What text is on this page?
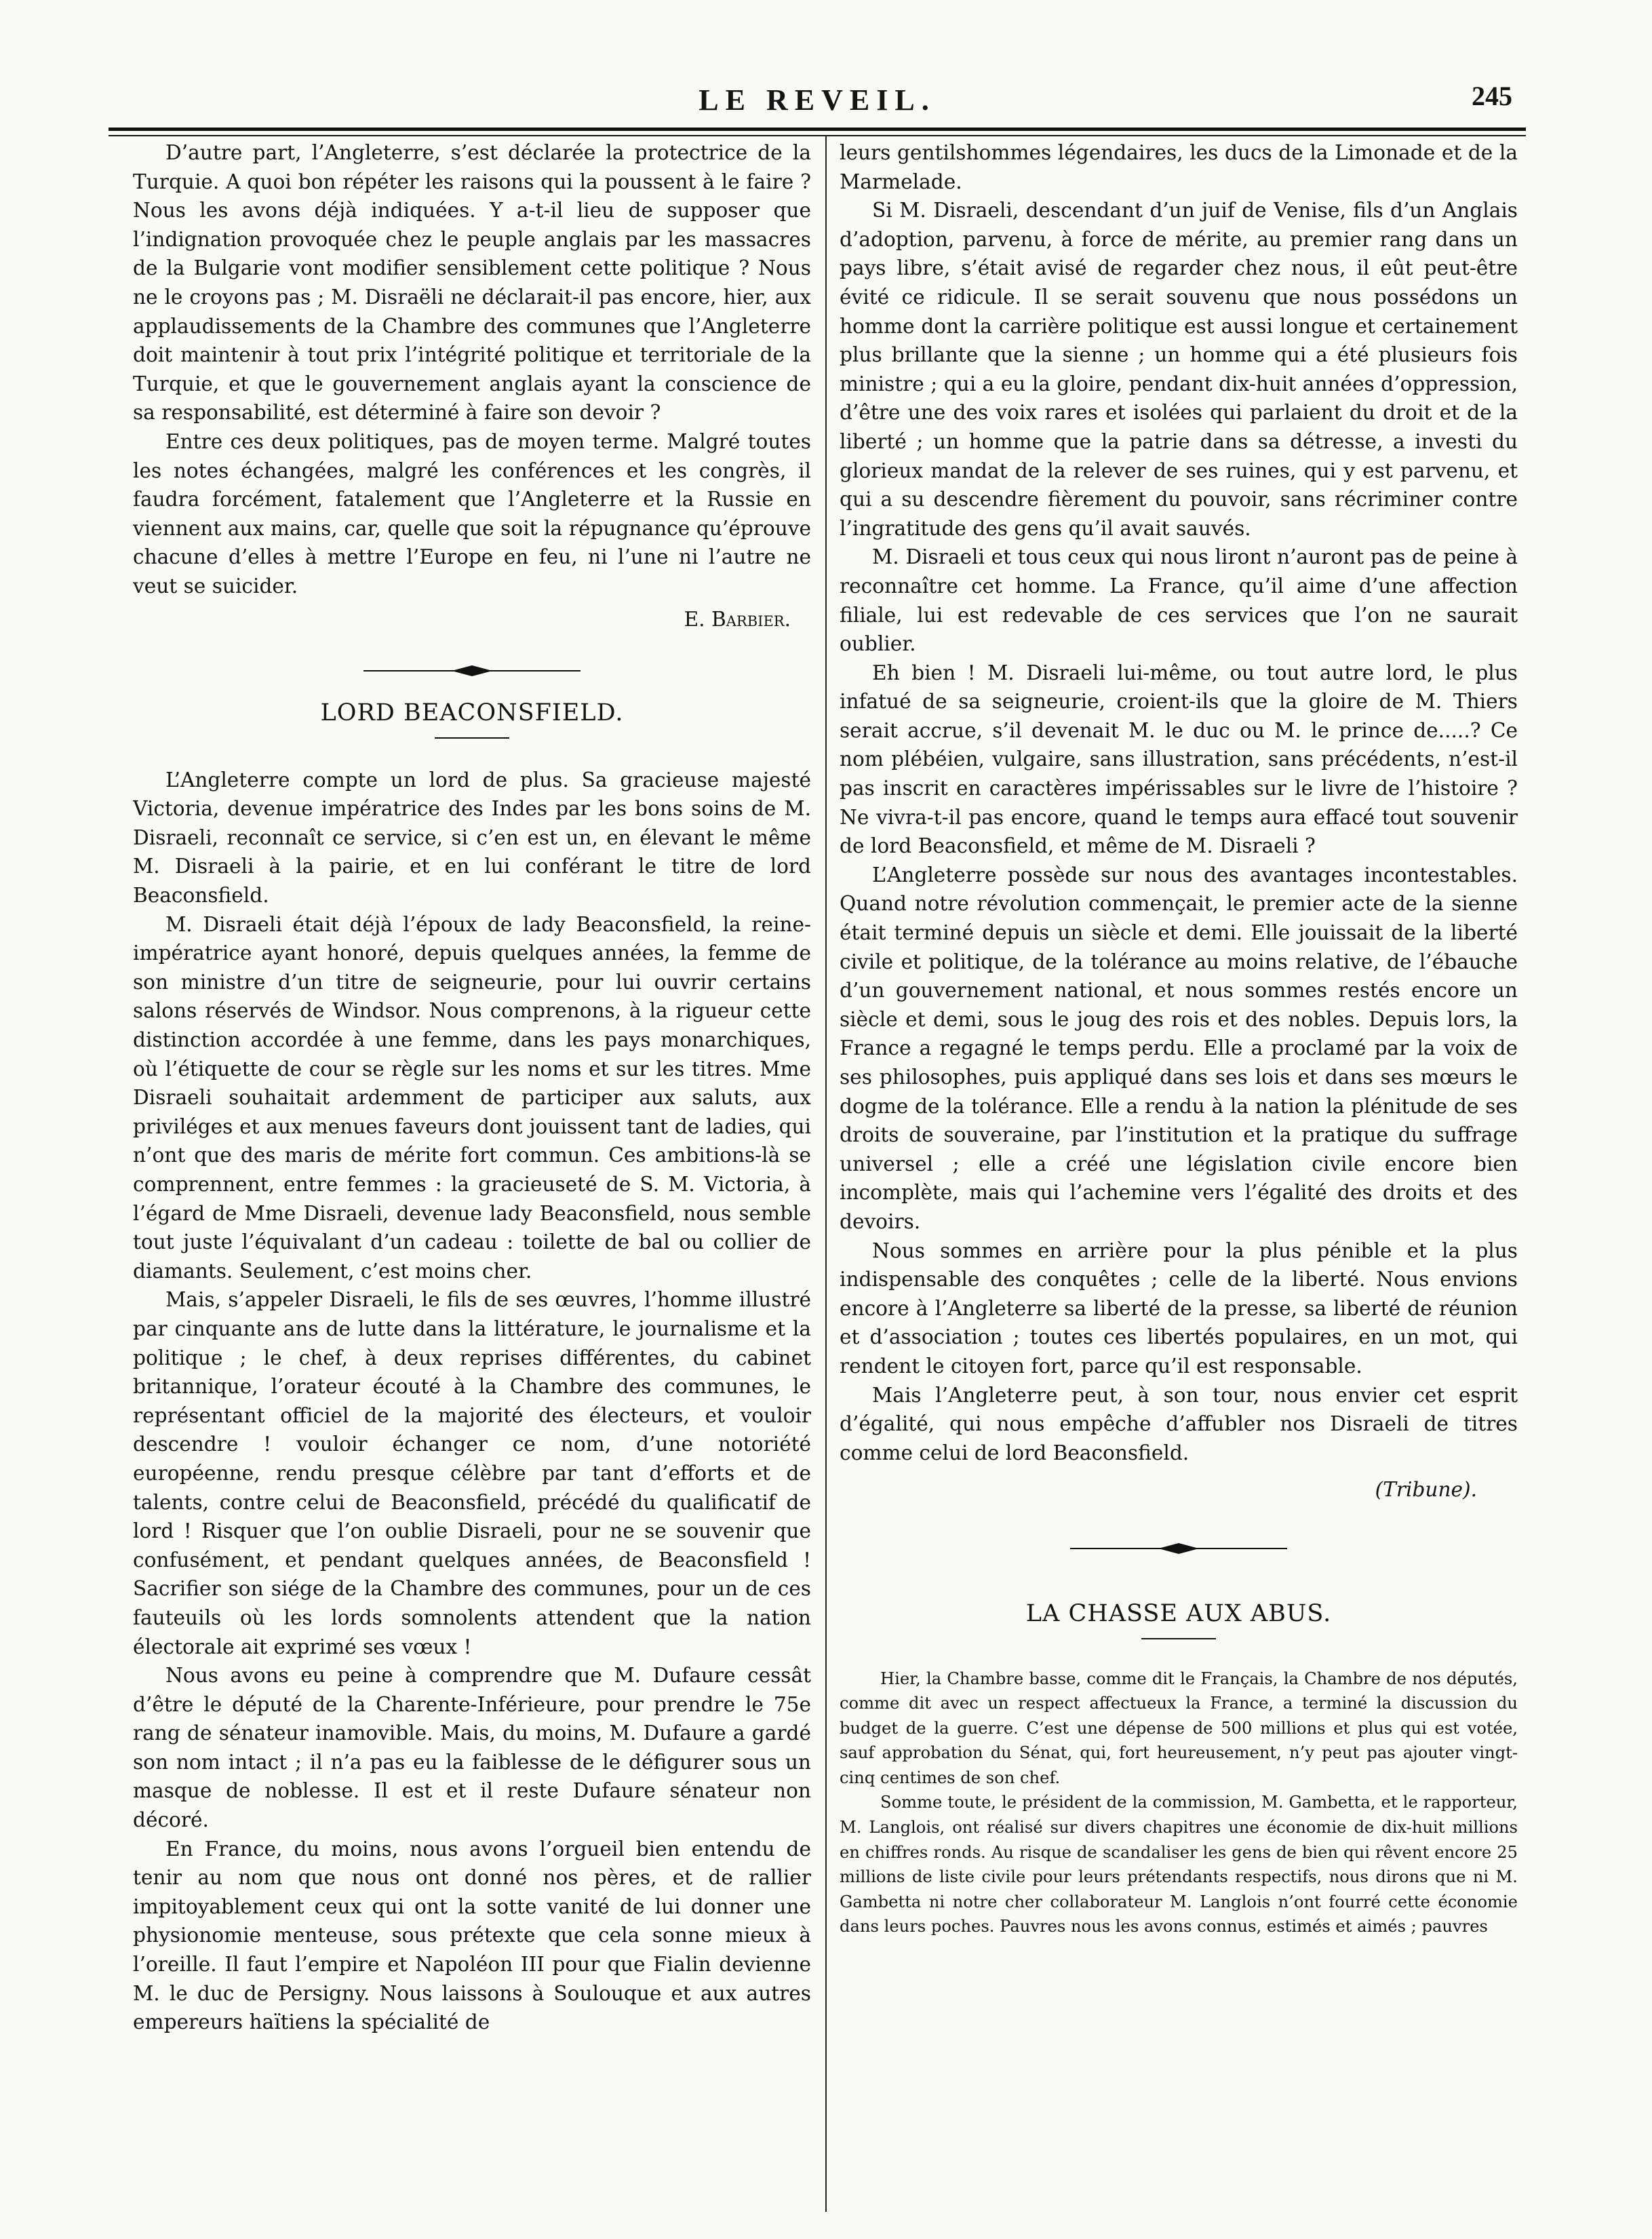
LE REVEIL.	245

D’autre part, l’Angleterre, s’est déclarée la protectrice de la Turquie. A quoi bon répéter les raisons qui la poussent à le faire ? Nous les avons déjà indiquées. Y a-t-il lieu de supposer que l’indignation provoquée chez le peuple anglais par les massacres de la Bulgarie vont modifier sensiblement cette politique ? Nous ne le croyons pas ; M. Disraëli ne déclarait-il pas encore, hier, aux applaudissements de la Chambre des communes que l’Angleterre doit maintenir à tout prix l’intégrité politique et territoriale de la Turquie, et que le gouvernement anglais ayant la conscience de sa responsabilité, est déterminé à faire son devoir ?

Entre ces deux politiques, pas de moyen terme. Malgré toutes les notes échangées, malgré les conférences et les congrès, il faudra forcément, fatalement que l’Angleterre et la Russie en viennent aux mains, car, quelle que soit la répugnance qu’éprouve chacune d’elles à mettre l’Europe en feu, ni l’une ni l’autre ne veut se suicider.

E. Barbier.

LORD BEACONSFIELD.

L’Angleterre compte un lord de plus. Sa gracieuse majesté Victoria, devenue impératrice des Indes par les bons soins de M. Disraeli, reconnaît ce service, si c’en est un, en élevant le même M. Disraeli à la pairie, et en lui conférant le titre de lord Beaconsfield.

M. Disraeli était déjà l’époux de lady Beaconsfield, la reine-impératrice ayant honoré, depuis quelques années, la femme de son ministre d’un titre de seigneurie, pour lui ouvrir certains salons réservés de Windsor. Nous comprenons, à la rigueur cette distinction accordée à une femme, dans les pays monarchiques, où l’étiquette de cour se règle sur les noms et sur les titres. Mme Disraeli souhaitait ardemment de participer aux saluts, aux priviléges et aux menues faveurs dont jouissent tant de ladies, qui n’ont que des maris de mérite fort commun. Ces ambitions-là se comprennent, entre femmes : la gracieuseté de S. M. Victoria, à l’égard de Mme Disraeli, devenue lady Beaconsfield, nous semble tout juste l’équivalant d’un cadeau : toilette de bal ou collier de diamants. Seulement, c’est moins cher.

Mais, s’appeler Disraeli, le fils de ses œuvres, l’homme illustré par cinquante ans de lutte dans la littérature, le journalisme et la politique ; le chef, à deux reprises différentes, du cabinet britannique, l’orateur écouté à la Chambre des communes, le représentant officiel de la majorité des électeurs, et vouloir descendre ! vouloir échanger ce nom, d’une notoriété européenne, rendu presque célèbre par tant d’efforts et de talents, contre celui de Beaconsfield, précédé du qualificatif de lord ! Risquer que l’on oublie Disraeli, pour ne se souvenir que confusément, et pendant quelques années, de Beaconsfield ! Sacrifier son siége de la Chambre des communes, pour un de ces fauteuils où les lords somnolents attendent que la nation électorale ait exprimé ses vœux !

Nous avons eu peine à comprendre que M. Dufaure cessât d’être le député de la Charente-Inférieure, pour prendre le 75e rang de sénateur inamovible. Mais, du moins, M. Dufaure a gardé son nom intact ; il n’a pas eu la faiblesse de le défigurer sous un masque de noblesse. Il est et il reste Dufaure sénateur non décoré.

En France, du moins, nous avons l’orgueil bien entendu de tenir au nom que nous ont donné nos pères, et de rallier impitoyablement ceux qui ont la sotte vanité de lui donner une physionomie menteuse, sous prétexte que cela sonne mieux à l’oreille. Il faut l’empire et Napoléon III pour que Fialin devienne M. le duc de Persigny. Nous laissons à Soulouque et aux autres empereurs haïtiens la spécialité de

leurs gentilshommes légendaires, les ducs de la Limonade et de la Marmelade.

Si M. Disraeli, descendant d’un juif de Venise, fils d’un Anglais d’adoption, parvenu, à force de mérite, au premier rang dans un pays libre, s’était avisé de regarder chez nous, il eût peut-être évité ce ridicule. Il se serait souvenu que nous possédons un homme dont la carrière politique est aussi longue et certainement plus brillante que la sienne ; un homme qui a été plusieurs fois ministre ; qui a eu la gloire, pendant dix-huit années d’oppression, d’être une des voix rares et isolées qui parlaient du droit et de la liberté ; un homme que la patrie dans sa détresse, a investi du glorieux mandat de la relever de ses ruines, qui y est parvenu, et qui a su descendre fièrement du pouvoir, sans récriminer contre l’ingratitude des gens qu’il avait sauvés.

M. Disraeli et tous ceux qui nous liront n’auront pas de peine à reconnaître cet homme. La France, qu’il aime d’une affection filiale, lui est redevable de ces services que l’on ne saurait oublier.

Eh bien ! M. Disraeli lui-même, ou tout autre lord, le plus infatué de sa seigneurie, croient-ils que la gloire de M. Thiers serait accrue, s’il devenait M. le duc ou M. le prince de.....? Ce nom plébéien, vulgaire, sans illustration, sans précédents, n’est-il pas inscrit en caractères impérissables sur le livre de l’histoire ? Ne vivra-t-il pas encore, quand le temps aura effacé tout souvenir de lord Beaconsfield, et même de M. Disraeli ?

L’Angleterre possède sur nous des avantages incontestables. Quand notre révolution commençait, le premier acte de la sienne était terminé depuis un siècle et demi. Elle jouissait de la liberté civile et politique, de la tolérance au moins relative, de l’ébauche d’un gouvernement national, et nous sommes restés encore un siècle et demi, sous le joug des rois et des nobles. Depuis lors, la France a regagné le temps perdu. Elle a proclamé par la voix de ses philosophes, puis appliqué dans ses lois et dans ses mœurs le dogme de la tolérance. Elle a rendu à la nation la plénitude de ses droits de souveraine, par l’institution et la pratique du suffrage universel ; elle a créé une législation civile encore bien incomplète, mais qui l’achemine vers l’égalité des droits et des devoirs.

Nous sommes en arrière pour la plus pénible et la plus indispensable des conquêtes ; celle de la liberté. Nous envions encore à l’Angleterre sa liberté de la presse, sa liberté de réunion et d’association ; toutes ces libertés populaires, en un mot, qui rendent le citoyen fort, parce qu’il est responsable.

Mais l’Angleterre peut, à son tour, nous envier cet esprit d’égalité, qui nous empêche d’affubler nos Disraeli de titres comme celui de lord Beaconsfield.

(Tribune).
LA CHASSE AUX ABUS.

Hier, la Chambre basse, comme dit le Français, la Chambre de nos députés, comme dit avec un respect affectueux la France, a terminé la discussion du budget de la guerre. C’est une dépense de 500 millions et plus qui est votée, sauf approbation du Sénat, qui, fort heureusement, n’y peut pas ajouter vingt-cinq centimes de son chef.

Somme toute, le président de la commission, M. Gambetta, et le rapporteur, M. Langlois, ont réalisé sur divers chapitres une économie de dix-huit millions en chiffres ronds. Au risque de scandaliser les gens de bien qui rêvent encore 25 millions de liste civile pour leurs prétendants respectifs, nous dirons que ni M. Gambetta ni notre cher collaborateur M. Langlois n’ont fourré cette économie dans leurs poches. Pauvres nous les avons connus, estimés et aimés ; pauvres
